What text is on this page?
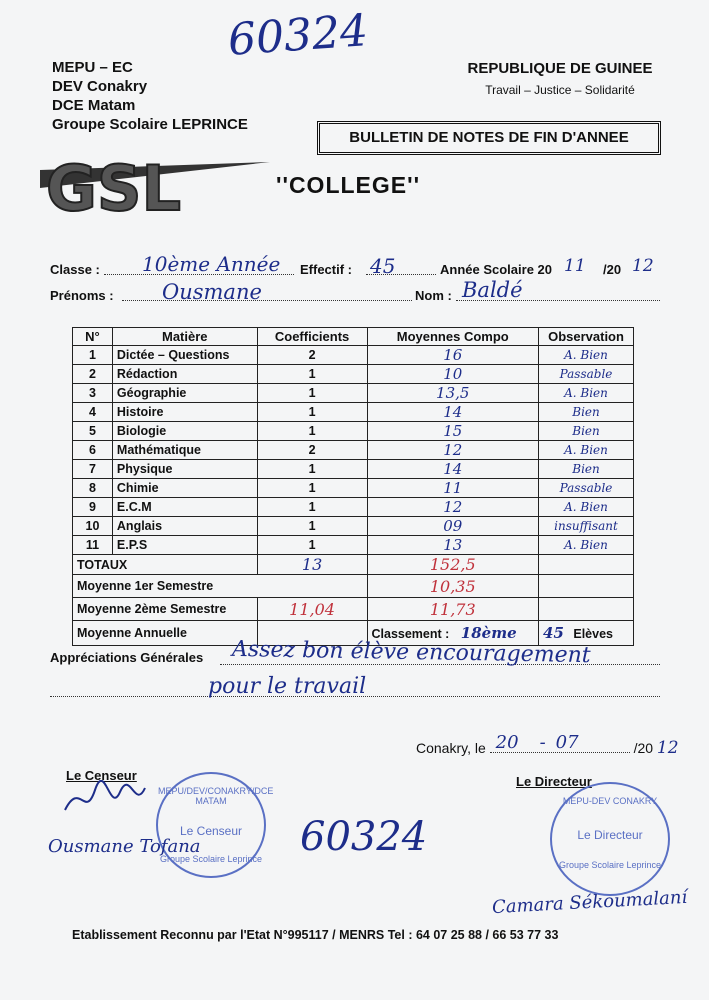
60324
MEPU – EC
DEV Conakry
DCE Matam
Groupe Scolaire LEPRINCE
REPUBLIQUE DE GUINEE
Travail – Justice – Solidarité
BULLETIN DE NOTES DE FIN D'ANNEE
GSL	''COLLEGE''
Classe : 10ème Année Effectif : 45	Année Scolaire 20 11 /20 12
Prénoms : Ousmane	Nom : Baldé
N°	Matière	Coefficients	Moyennes Compo	Observation
1	Dictée – Questions	2	16	A. Bien
2	Rédaction	1	10	Passable
3	Géographie	1	13,5	A. Bien
4	Histoire	1	14	Bien
5	Biologie	1	15	Bien
6	Mathématique	2	12	A. Bien
7	Physique	1	14	Bien
8	Chimie	1	11	Passable
9	E.C.M	1	12	A. Bien
10	Anglais	1	09	insuffisant
11	E.P.S	1	13	A. Bien
TOTAUX		13	152,5	
Moyenne 1er Semestre			10,35	
Moyenne 2ème Semestre		11,04	11,73	
Moyenne Annuelle			Classement : 18ème	45 Elèves
Appréciations Générales Assez bon élève encouragement
pour le travail
Conakry, le 20 - 07	/20 12
Le Censeur
MEPU/DEV/CONAKRY/DCE MATAM
Le Censeur
Groupe Scolaire Leprince
Ousmane Tofana 60324
Le Directeur
MEPU-DEV CONAKRY
Le Directeur
Groupe Scolaire Leprince
Camara Sékoumalaní
Etablissement Reconnu par l'Etat N°995117 / MENRS Tel : 64 07 25 88 / 66 53 77 33
